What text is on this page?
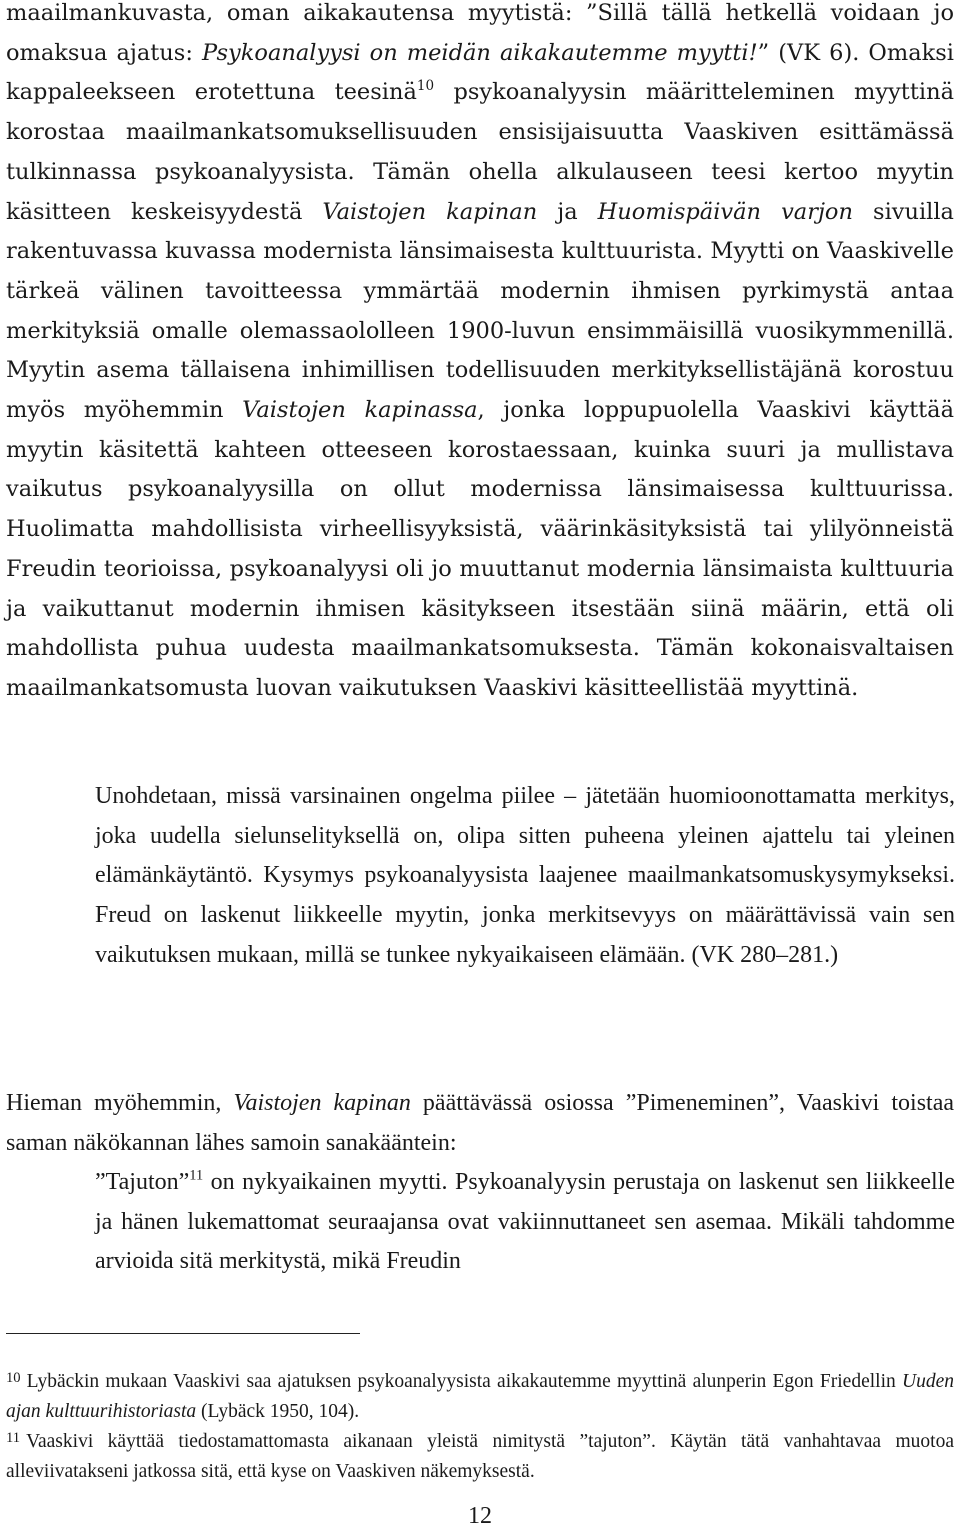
maailmankuvasta, oman aikakautensa myytistä: ”Sillä tällä hetkellä voidaan jo omaksua ajatus: Psykoanalyysi on meidän aikakautemme myytti!” (VK 6). Omaksi kappaleekseen erotettuna teesinä$^{10}$ psykoanalyysin määritteleminen myyttinä korostaa maailmankatsomuksellisuuden ensisijaisuutta Vaaskiven esittämässä tulkinnassa psykoanalyysista. Tämän ohella alkulauseen teesi kertoo myytin käsitteen keskeisyydestä Vaistojen kapinan ja Huomispäivän varjon sivuilla rakentuvassa kuvassa modernista länsimaisesta kulttuurista. Myytti on Vaaskivelle tärkeä välinen tavoitteessa ymmärtää modernin ihmisen pyrkimystä antaa merkityksiä omalle olemassaololleen 1900-luvun ensimmäisillä vuosikymmenillä. Myytin asema tällaisena inhimillisen todellisuuden merkityksellistäjänä korostuu myös myöhemmin Vaistojen kapinassa, jonka loppupuolella Vaaskivi käyttää myytin käsitettä kahteen otteeseen korostaessaan, kuinka suuri ja mullistava vaikutus psykoanalyysilla on ollut modernissa länsimaisessa kulttuurissa. Huolimatta mahdollisista virheellisyyksistä, väärinkäsityksistä tai ylilyönneistä Freudin teorioissa, psykoanalyysi oli jo muuttanut modernia länsimaista kulttuuria ja vaikuttanut modernin ihmisen käsitykseen itsestään siinä määrin, että oli mahdollista puhua uudesta maailmankatsomuksesta. Tämän kokonaisvaltaisen maailmankatsomusta luovan vaikutuksen Vaaskivi käsitteellistää myyttinä.

Unohdetaan, missä varsinainen ongelma piilee – jätetään huomioonottamatta merkitys, joka uudella sielunselityksellä on, olipa sitten puheena yleinen ajattelu tai yleinen elämänkäytäntö. Kysymys psykoanalyysista laajenee maailmankatsomuskysymykseksi. Freud on laskenut liikkeelle myytin, jonka merkitsevyys on määrättävissä vain sen vaikutuksen mukaan, millä se tunkee nykyaikaiseen elämään. (VK 280–281.)

Hieman myöhemmin, Vaistojen kapinan päättävässä osiossa ”Pimeneminen”, Vaaskivi toistaa saman näkökannan lähes samoin sanakääntein:

”Tajuton”$^{11}$ on nykyaikainen myytti. Psykoanalyysin perustaja on laskenut sen liikkeelle ja hänen lukemattomat seuraajansa ovat vakiinnuttaneet sen asemaa. Mikäli tahdomme arvioida sitä merkitystä, mikä Freudin

$^{10}$ Lybäckin mukaan Vaaskivi saa ajatuksen psykoanalyysista aikakautemme myyttinä alunperin Egon Friedellin Uuden ajan kulttuurihistoriasta (Lybäck 1950, 104).

$^{11}$ Vaaskivi käyttää tiedostamattomasta aikanaan yleistä nimitystä ”tajuton”. Käytän tätä vanhahtavaa muotoa alleviivatakseni jatkossa sitä, että kyse on Vaaskiven näkemyksestä.

12
